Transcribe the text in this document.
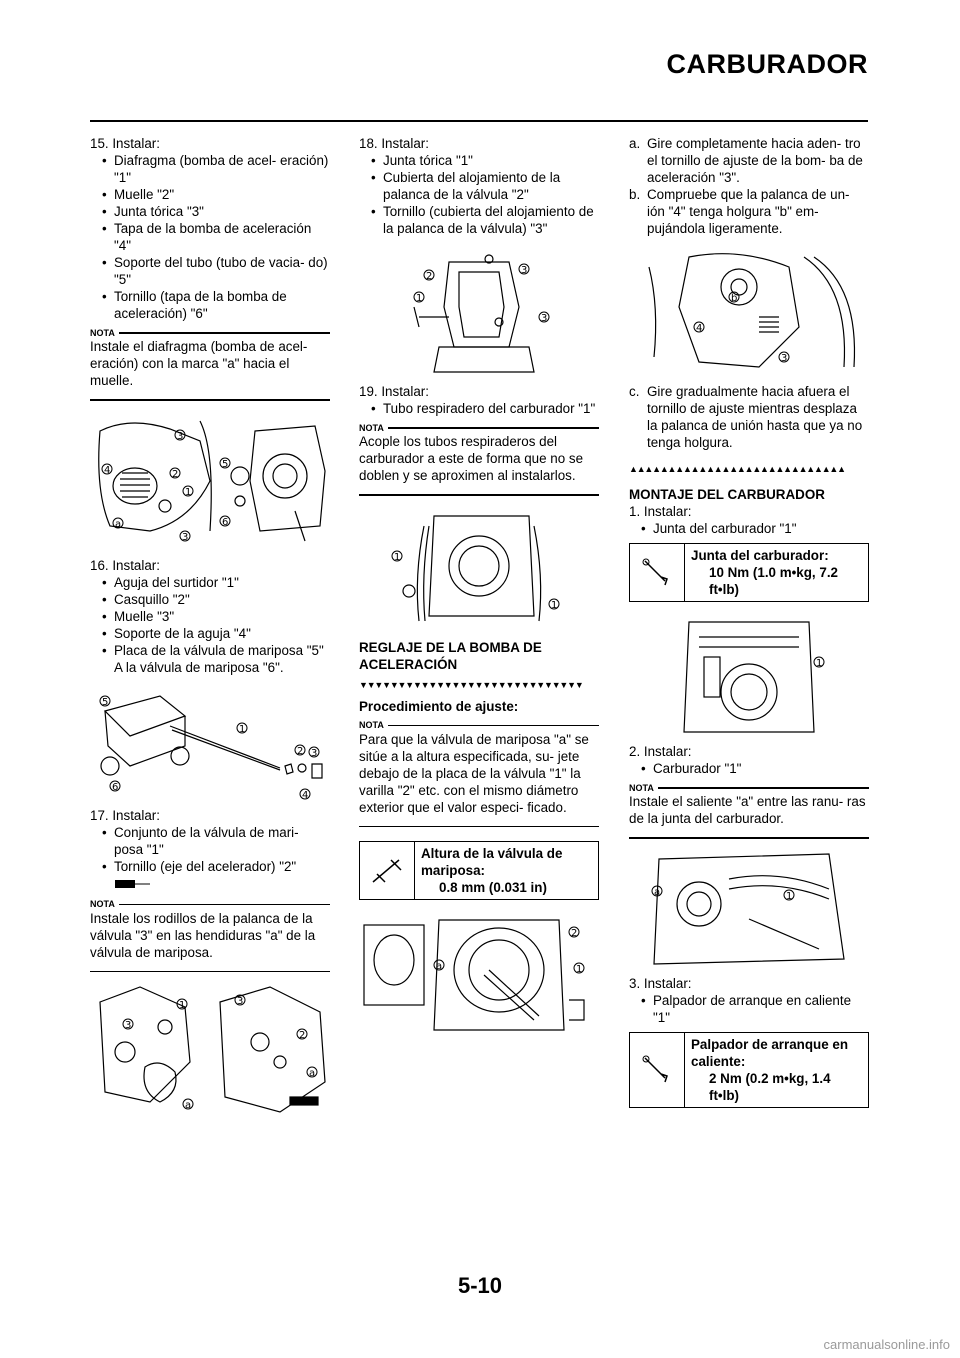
CARBURADOR
15. Instalar:
• Diafragma (bomba de acel- eración) "1"
• Muelle "2"
• Junta tórica "3"
• Tapa de la bomba de aceleración "4"
• Soporte del tubo (tubo de vacia- do) "5"
• Tornillo (tapa de la bomba de aceleración) "6"
NOTA
Instale el diafragma (bomba de acel- eración) con la marca "a" hacia el muelle.
3
4	2
1
a
3
5
6
16. Instalar:
• Aguja del surtidor "1"
• Casquillo "2"
• Muelle "3"
• Soporte de la aguja "4"
• Placa de la válvula de mariposa "5" A la válvula de mariposa "6".
5
1
2 3
6
4
17. Instalar:
• Conjunto de la válvula de mari- posa "1"
• Tornillo (eje del acelerador) "2"
NOTA
Instale los rodillos de la palanca de la válvula "3" en las hendiduras "a" de la válvula de mariposa.
1
3
a
3
2
a
18. Instalar:
• Junta tórica "1"
• Cubierta del alojamiento de la palanca de la válvula "2"
• Tornillo (cubierta del alojamiento de la palanca de la válvula) "3"
2
1
3
3
19. Instalar:
• Tubo respiradero del carburador "1"
NOTA
Acople los tubos respiraderos del carburador a este de forma que no se doblen y se aproximen al instalarlos.
1
1
REGLAJE DE LA BOMBA DE ACELERACIÓN
▼▼▼▼▼▼▼▼▼▼▼▼▼▼▼▼▼▼▼▼▼▼▼▼▼▼▼▼▼
Procedimiento de ajuste:
NOTA
Para que la válvula de mariposa "a" se sitúe a la altura especificada, su- jete debajo de la placa de la válvula "1" la varilla "2" etc. con el mismo diámetro exterior que el valor especi- ficado.
Altura de la válvula de mariposa:
0.8 mm (0.031 in)
a
2
1
a. Gire completamente hacia aden- tro el tornillo de ajuste de la bom- ba de aceleración "3".
b. Compruebe que la palanca de un- ión "4" tenga holgura "b" em- pujándola ligeramente.
b
4
3
c. Gire gradualmente hacia afuera el tornillo de ajuste mientras desplaza la palanca de unión hasta que ya no tenga holgura.
▲▲▲▲▲▲▲▲▲▲▲▲▲▲▲▲▲▲▲▲▲▲▲▲▲▲▲▲
MONTAJE DEL CARBURADOR
1. Instalar:
• Junta del carburador "1"
Junta del carburador:
10 Nm (1.0 m•kg, 7.2 ft•lb)
1
2. Instalar:
• Carburador "1"
NOTA
Instale el saliente "a" entre las ranu- ras de la junta del carburador.
a	1
3. Instalar:
• Palpador de arranque en caliente "1"
Palpador de arranque en caliente:
2 Nm (0.2 m•kg, 1.4 ft•lb)
5-10
carmanualsonline.info
